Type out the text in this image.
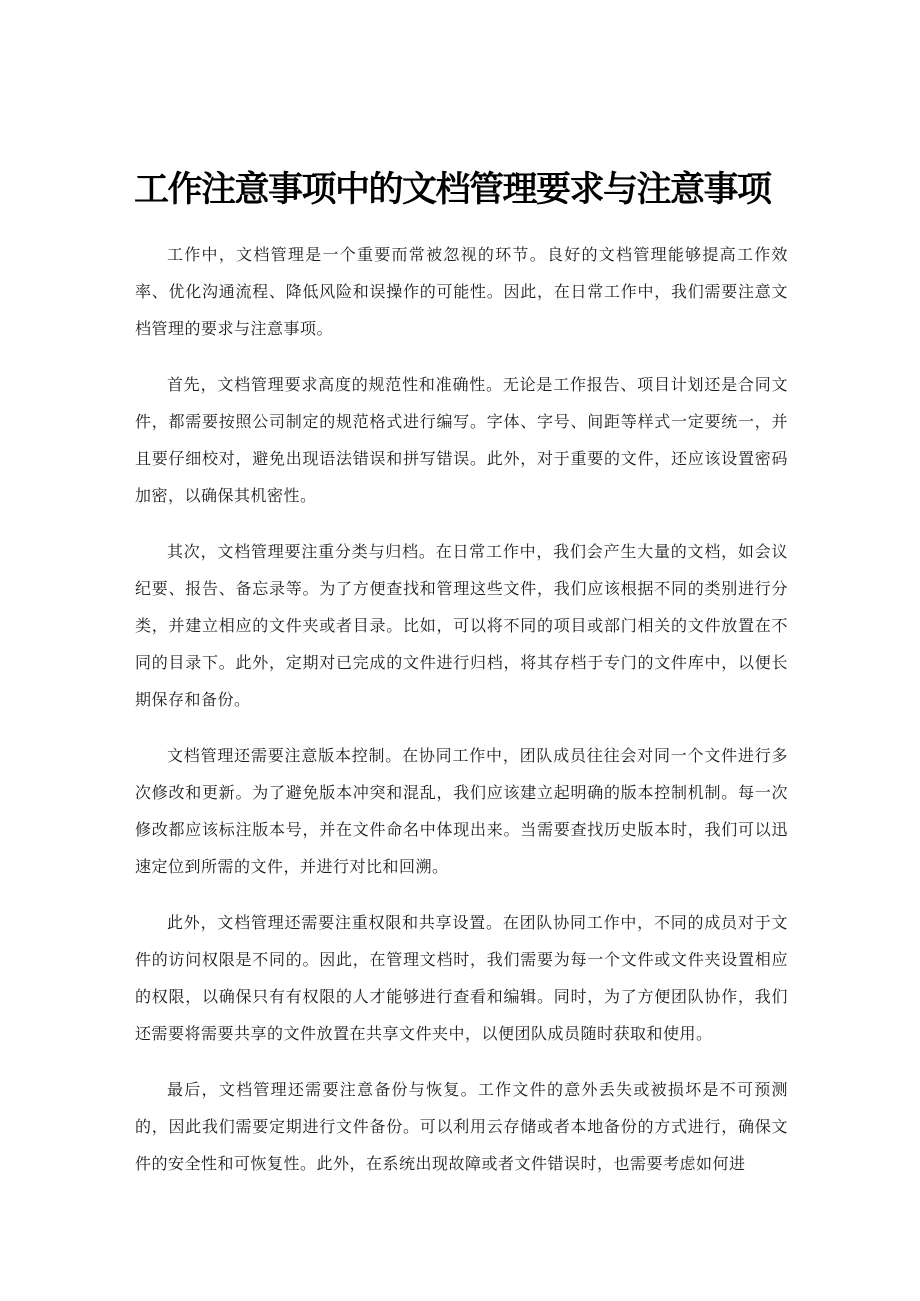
工作注意事项中的文档管理要求与注意事项

工作中，文档管理是一个重要而常被忽视的环节。良好的文档管理能够提高工作效率、优化沟通流程、降低风险和误操作的可能性。因此，在日常工作中，我们需要注意文档管理的要求与注意事项。

首先，文档管理要求高度的规范性和准确性。无论是工作报告、项目计划还是合同文件，都需要按照公司制定的规范格式进行编写。字体、字号、间距等样式一定要统一，并且要仔细校对，避免出现语法错误和拼写错误。此外，对于重要的文件，还应该设置密码加密，以确保其机密性。

其次，文档管理要注重分类与归档。在日常工作中，我们会产生大量的文档，如会议纪要、报告、备忘录等。为了方便查找和管理这些文件，我们应该根据不同的类别进行分类，并建立相应的文件夹或者目录。比如，可以将不同的项目或部门相关的文件放置在不同的目录下。此外，定期对已完成的文件进行归档，将其存档于专门的文件库中，以便长期保存和备份。

文档管理还需要注意版本控制。在协同工作中，团队成员往往会对同一个文件进行多次修改和更新。为了避免版本冲突和混乱，我们应该建立起明确的版本控制机制。每一次修改都应该标注版本号，并在文件命名中体现出来。当需要查找历史版本时，我们可以迅速定位到所需的文件，并进行对比和回溯。

此外，文档管理还需要注重权限和共享设置。在团队协同工作中，不同的成员对于文件的访问权限是不同的。因此，在管理文档时，我们需要为每一个文件或文件夹设置相应的权限，以确保只有有权限的人才能够进行查看和编辑。同时，为了方便团队协作，我们还需要将需要共享的文件放置在共享文件夹中，以便团队成员随时获取和使用。

最后，文档管理还需要注意备份与恢复。工作文件的意外丢失或被损坏是不可预测的，因此我们需要定期进行文件备份。可以利用云存储或者本地备份的方式进行，确保文件的安全性和可恢复性。此外，在系统出现故障或者文件错误时，也需要考虑如何进
